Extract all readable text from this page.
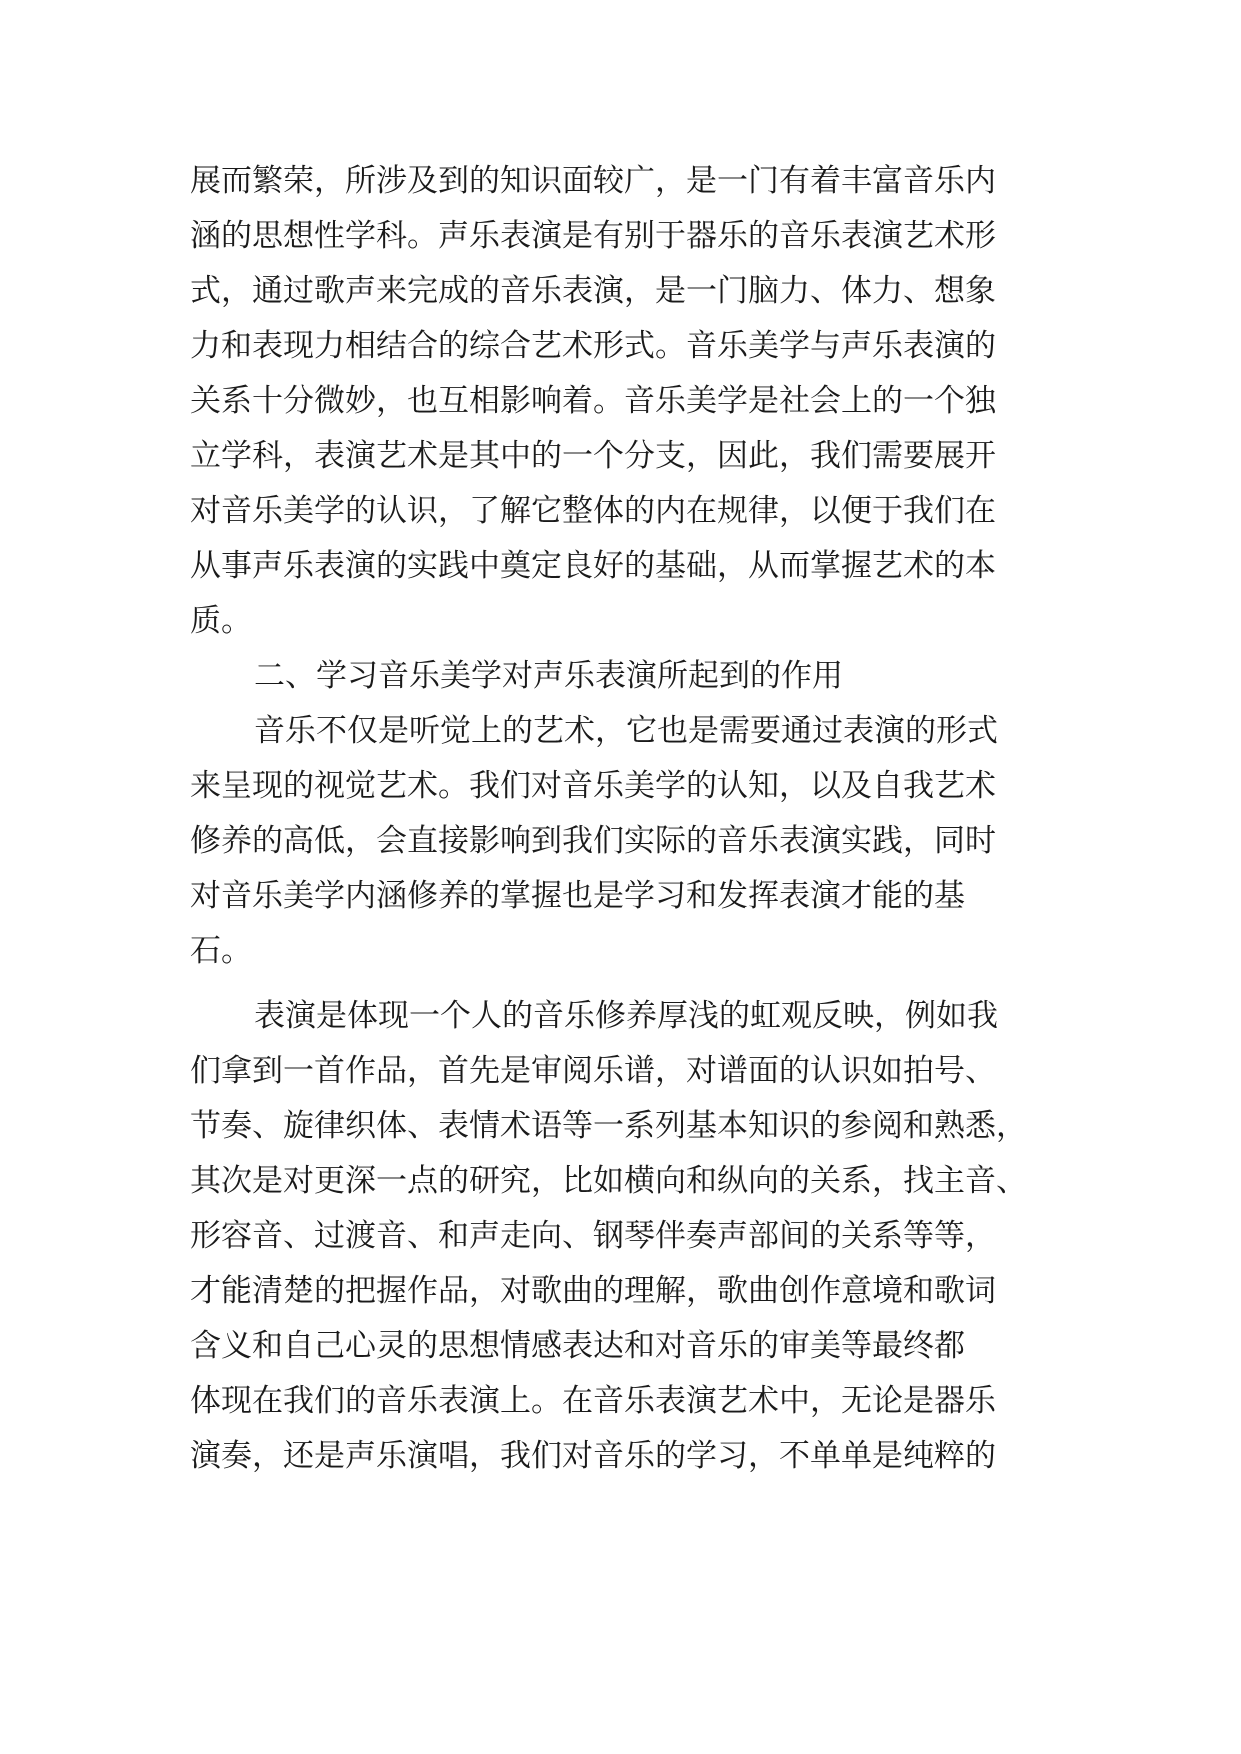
展而繁荣，所涉及到的知识面较广，是一门有着丰富音乐内
涵的思想性学科。声乐表演是有别于器乐的音乐表演艺术形
式，通过歌声来完成的音乐表演，是一门脑力、体力、想象
力和表现力相结合的综合艺术形式。音乐美学与声乐表演的
关系十分微妙，也互相影响着。音乐美学是社会上的一个独
立学科，表演艺术是其中的一个分支，因此，我们需要展开
对音乐美学的认识，了解它整体的内在规律，以便于我们在
从事声乐表演的实践中奠定良好的基础，从而掌握艺术的本
质。
二、学习音乐美学对声乐表演所起到的作用
音乐不仅是听觉上的艺术，它也是需要通过表演的形式
来呈现的视觉艺术。我们对音乐美学的认知，以及自我艺术
修养的高低，会直接影响到我们实际的音乐表演实践，同时
对音乐美学内涵修养的掌握也是学习和发挥表演才能的基
石。
表演是体现一个人的音乐修养厚浅的虹观反映，例如我
们拿到一首作品，首先是审阅乐谱，对谱面的认识如拍号、
节奏、旋律织体、表情术语等一系列基本知识的参阅和熟悉，
其次是对更深一点的研究，比如横向和纵向的关系，找主音、
形容音、过渡音、和声走向、钢琴伴奏声部间的关系等等，
才能清楚的把握作品，对歌曲的理解，歌曲创作意境和歌词
含义和自己心灵的思想情感表达和对音乐的审美等最终都
体现在我们的音乐表演上。在音乐表演艺术中，无论是器乐
演奏，还是声乐演唱，我们对音乐的学习，不单单是纯粹的
